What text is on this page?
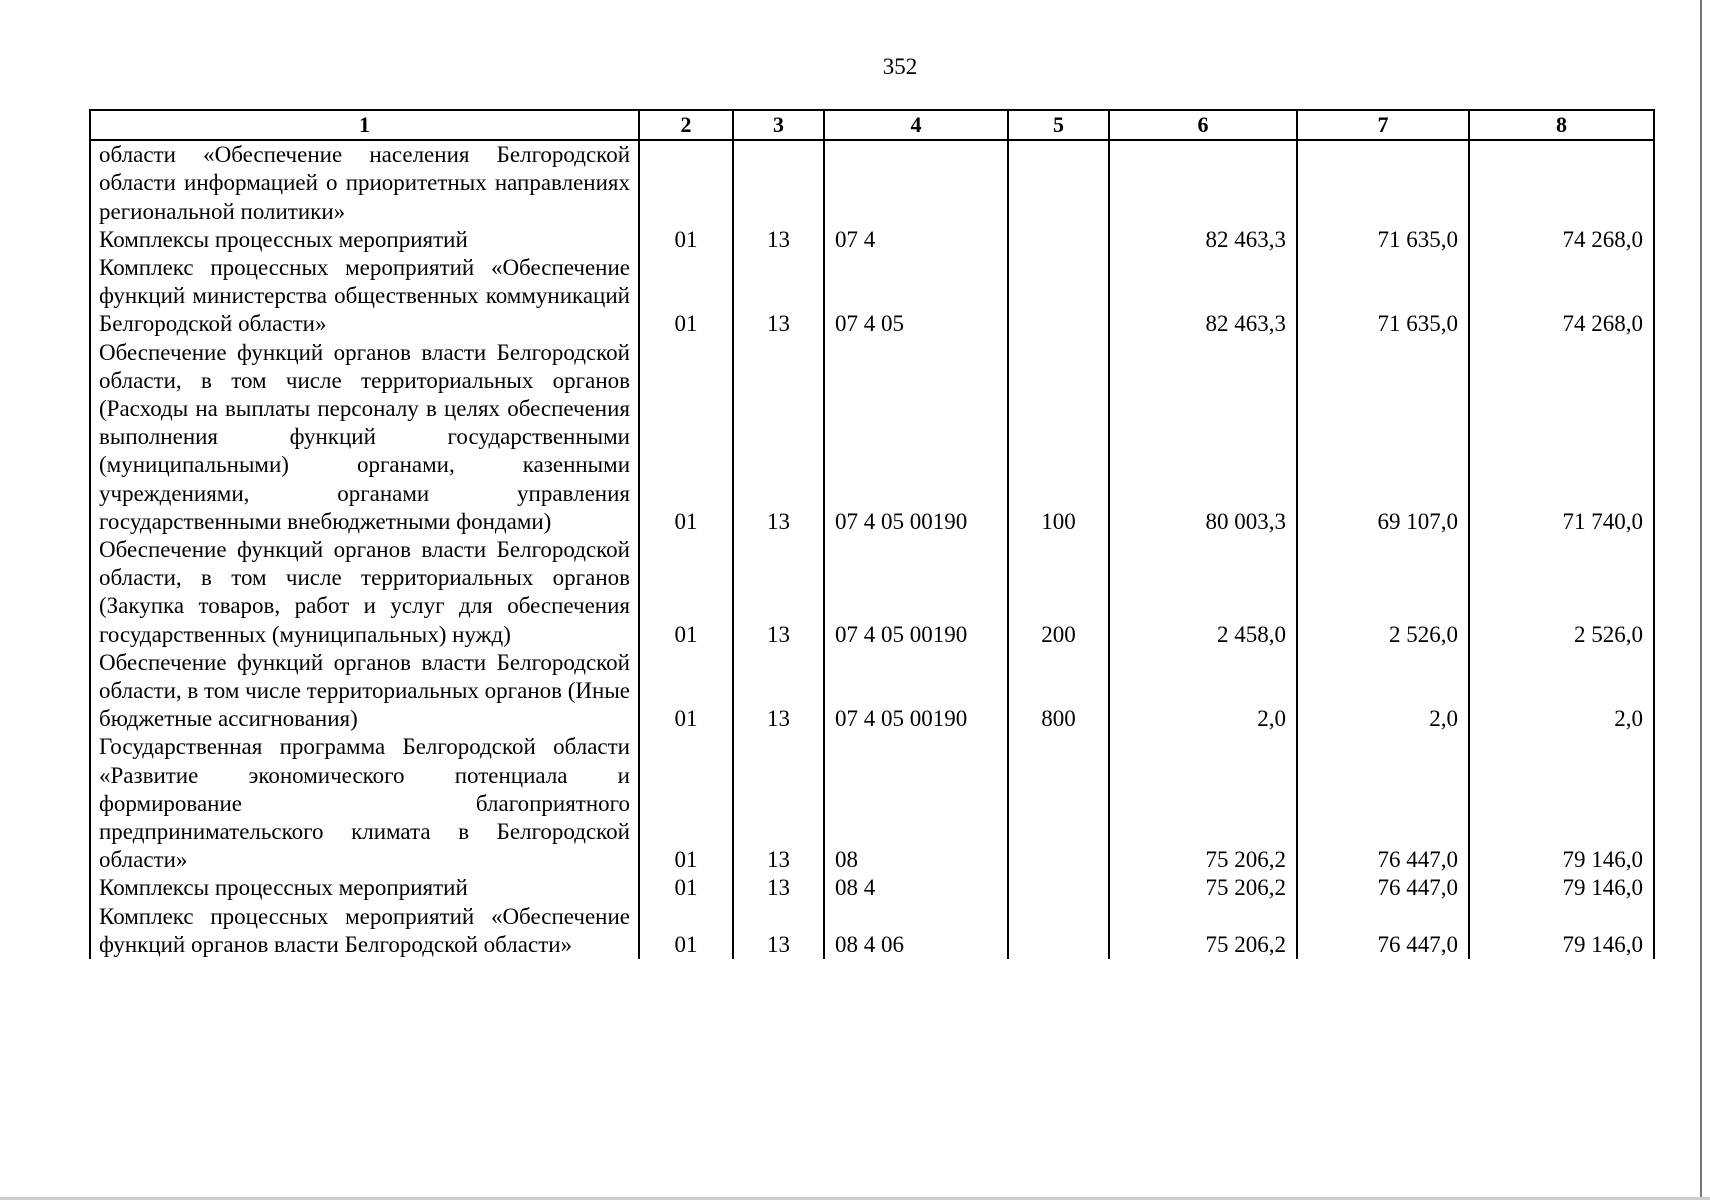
352
1	2	3	4	5	6	7	8
области «Обеспечение населения Белгородской области информацией о приоритетных направлениях региональной политики»							
Комплексы процессных мероприятий	01	13	07 4		82 463,3	71 635,0	74 268,0
Комплекс процессных мероприятий «Обеспечение функций министерства общественных коммуникаций Белгородской области»	01	13	07 4 05		82 463,3	71 635,0	74 268,0
Обеспечение функций органов власти Белгородской области, в том числе территориальных органов (Расходы на выплаты персоналу в целях обеспечения выполнения функций государственными (муниципальными) органами, казенными учреждениями, органами управления государственными внебюджетными фондами)	01	13	07 4 05 00190	100	80 003,3	69 107,0	71 740,0
Обеспечение функций органов власти Белгородской области, в том числе территориальных органов (Закупка товаров, работ и услуг для обеспечения государственных (муниципальных) нужд)	01	13	07 4 05 00190	200	2 458,0	2 526,0	2 526,0
Обеспечение функций органов власти Белгородской области, в том числе территориальных органов (Иные бюджетные ассигнования)	01	13	07 4 05 00190	800	2,0	2,0	2,0
Государственная программа Белгородской области «Развитие экономического потенциала и формирование благоприятного предпринимательского климата в Белгородской области»	01	13	08		75 206,2	76 447,0	79 146,0
Комплексы процессных мероприятий	01	13	08 4		75 206,2	76 447,0	79 146,0
Комплекс процессных мероприятий «Обеспечение функций органов власти Белгородской области»	01	13	08 4 06		75 206,2	76 447,0	79 146,0
